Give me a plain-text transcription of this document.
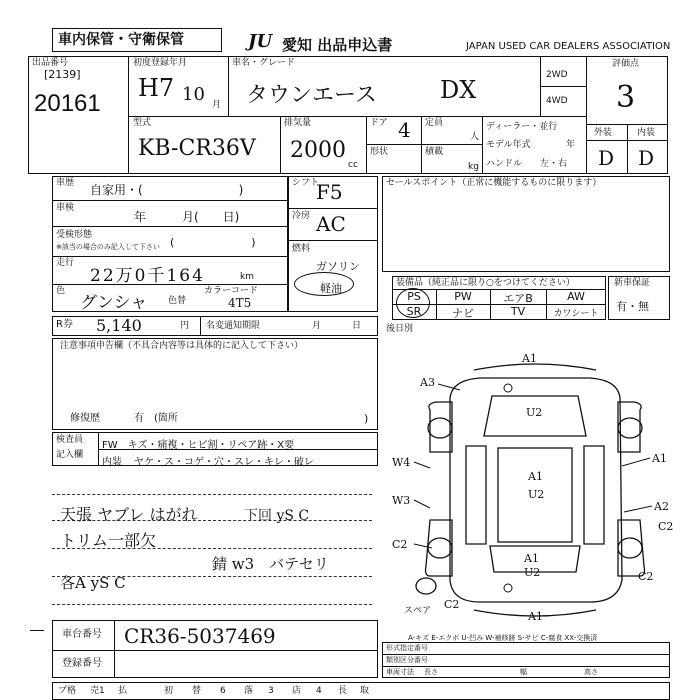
車内保管・守衛保管	JU 愛知 出品申込書	JAPAN USED CAR DEALERS ASSOCIATION
出品番号
[2139]
20161
初度登録年月
H7 10 月
車名・グレード
タウンエース	DX
2WD
4WD
評価点
3
外装	内装
D D
型式
KB-CR36V
排気量
2000
cc
ドア 4
形状
定員
人
積載
kg
ディーラー・並行
モデル年式	年
ハンドル 左・右
車歴 自家用・(　　　　　　　　)
車検
年　　　月(　　日)
受検形態
※該当の場合のみ記入して下さい (　　　　　　　)
走行
22万0千164	km
色
グンシャ 色替
カラーコード
4T5
シフト
F5
冷房 AC
燃料
ガソリン
軽油
セールスポイント（正常に機能するものに限ります）
装備品（純正品に限り○をつけてください）
PS	PW	エアB	AW
SR	ナビ	TV	カワシート
新車保証
有・無
R券 5,140	円 名変通知期限	月	日
注意事項申告欄（不具合内容等は具体的に記入して下さい）
修復歴	有　(箇所	)
検査員
記入欄
FW　キズ・痛複・ヒビ割・リペア跡・X要
内装 ヤケ・ス・コゲ・穴・スレ・キレ・破レ
天張 ヤブレ はがれ	下回 yS C
トリム一部欠
錆 w3　バテセリ
各A yS C
後日別
A3
A1
U2
W4
A1
U2
A1
W3
C2
A2
C2
A1
U2	C2
C2
A1
スペア
A-キズ E-エクボ U-凹み W-補修跡 S-サビ C-腐食 XX-交換済
車台番号 CR36-5037469
登録番号
形式指定番号
類別区分番号
車両寸法 長さ	幅	高さ
プ格 売1 払	初 替 6 落 3 店 4 長 取
